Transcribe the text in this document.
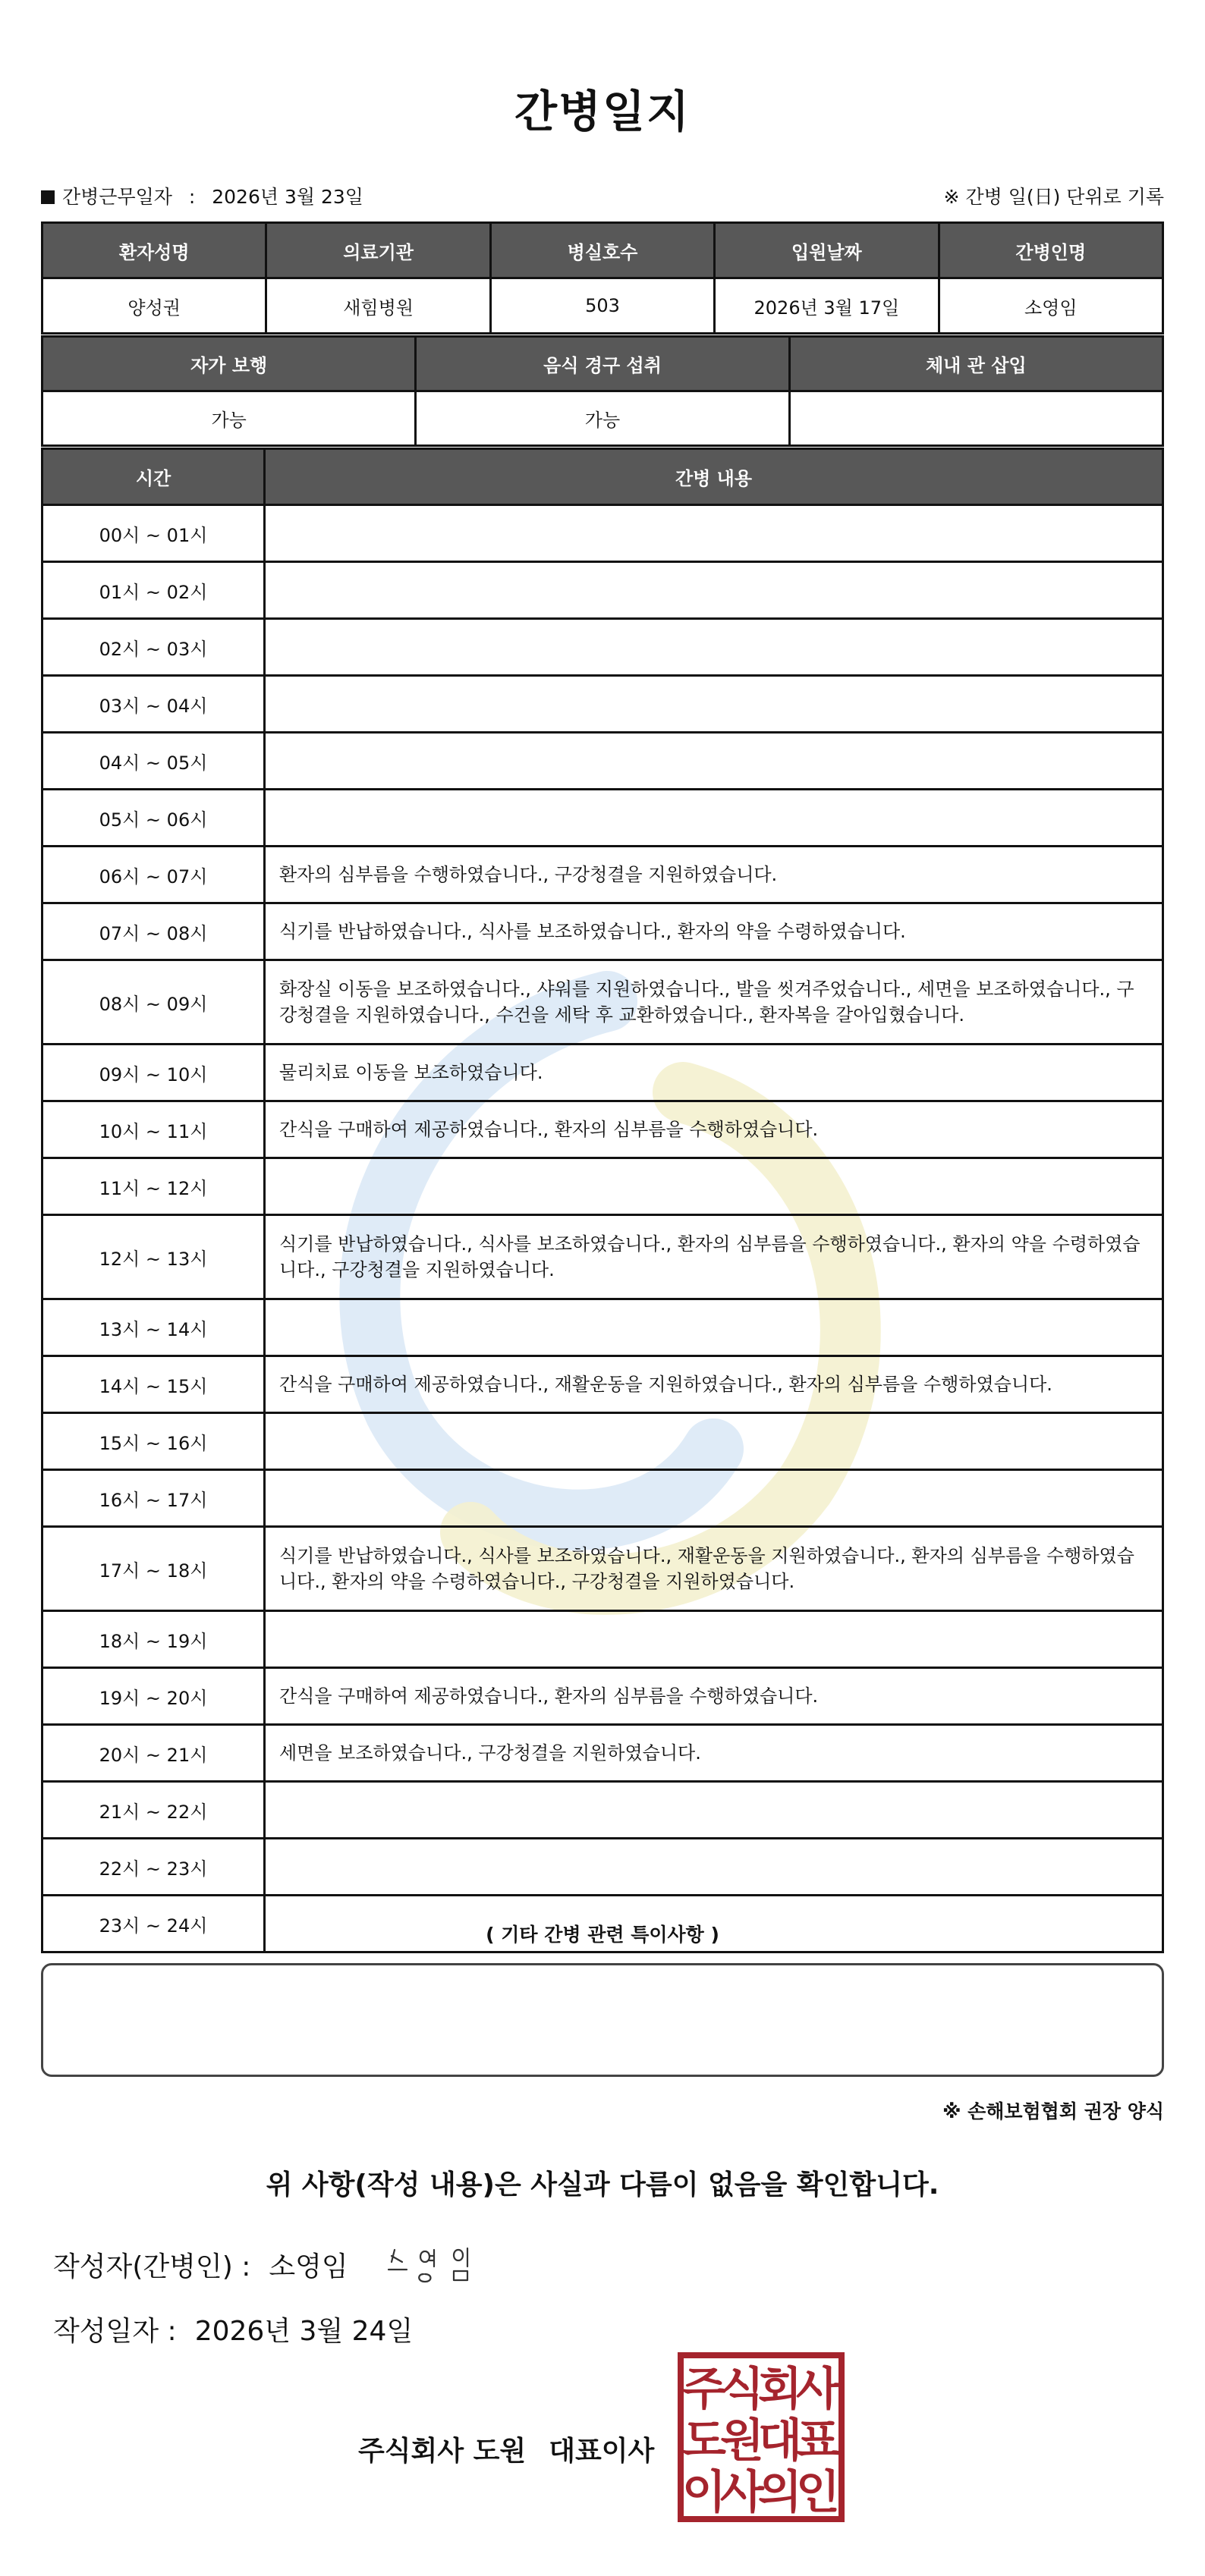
간병일지
간병근무일자 : 2026년 3월 23일	※ 간병 일(日) 단위로 기록
환자성명	의료기관	병실호수	입원날짜	간병인명
양성권	새힘병원	503	2026년 3월 17일	소영임
자가 보행	음식 경구 섭취	체내 관 삽입
가능	가능	
시간	간병 내용
00시 ~ 01시	
01시 ~ 02시	
02시 ~ 03시	
03시 ~ 04시	
04시 ~ 05시	
05시 ~ 06시	
06시 ~ 07시	환자의 심부름을 수행하였습니다., 구강청결을 지원하였습니다.
07시 ~ 08시	식기를 반납하였습니다., 식사를 보조하였습니다., 환자의 약을 수령하였습니다.
08시 ~ 09시	화장실 이동을 보조하였습니다., 샤워를 지원하였습니다., 발을 씻겨주었습니다., 세면을 보조하였습니다., 구강청결을 지원하였습니다., 수건을 세탁 후 교환하였습니다., 환자복을 갈아입혔습니다.
09시 ~ 10시	물리치료 이동을 보조하였습니다.
10시 ~ 11시	간식을 구매하여 제공하였습니다., 환자의 심부름을 수행하였습니다.
11시 ~ 12시	
12시 ~ 13시	식기를 반납하였습니다., 식사를 보조하였습니다., 환자의 심부름을 수행하였습니다., 환자의 약을 수령하였습니다., 구강청결을 지원하였습니다.
13시 ~ 14시	
14시 ~ 15시	간식을 구매하여 제공하였습니다., 재활운동을 지원하였습니다., 환자의 심부름을 수행하였습니다.
15시 ~ 16시	
16시 ~ 17시	
17시 ~ 18시	식기를 반납하였습니다., 식사를 보조하였습니다., 재활운동을 지원하였습니다., 환자의 심부름을 수행하였습니다., 환자의 약을 수령하였습니다., 구강청결을 지원하였습니다.
18시 ~ 19시	
19시 ~ 20시	간식을 구매하여 제공하였습니다., 환자의 심부름을 수행하였습니다.
20시 ~ 21시	세면을 보조하였습니다., 구강청결을 지원하였습니다.
21시 ~ 22시	
22시 ~ 23시	
23시 ~ 24시		( 기타 간병 관련 특이사항 )
※ 손해보험협회 권장 양식
위 사항(작성 내용)은 사실과 다름이 없음을 확인합니다.
작성자(간병인) : 소영임
작성일자 : 2026년 3월 24일
주식회사 도원 대표이사
주
식
회
사
도
원
대
표
이
사
의
인
